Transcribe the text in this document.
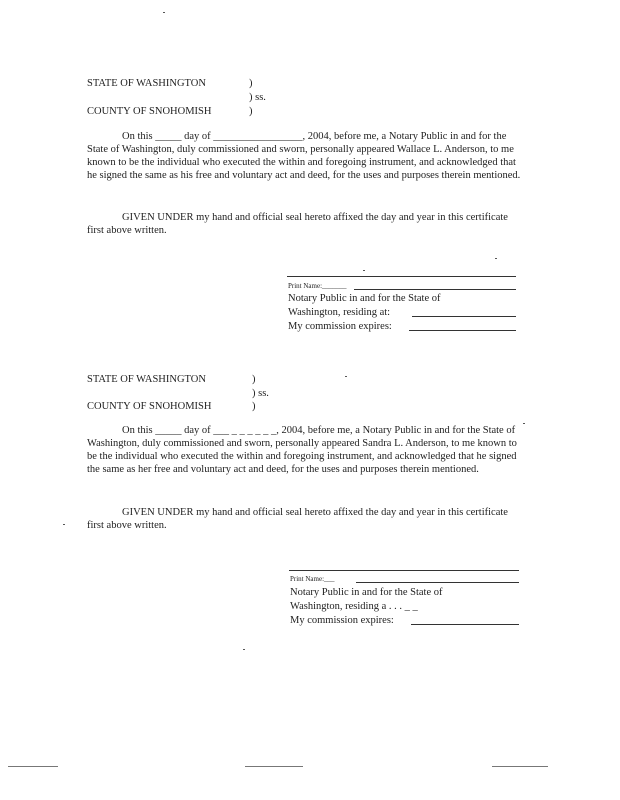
STATE OF WASHINGTON	)
) ss.
COUNTY OF SNOHOMISH	)
On this _____ day of _________________, 2004, before me, a Notary Public in and for the State of Washington, duly commissioned and sworn, personally appeared Wallace L. Anderson, to me known to be the individual who executed the within and foregoing instrument, and acknowledged that he signed the same as his free and voluntary act and deed, for the uses and purposes therein mentioned.
GIVEN UNDER my hand and official seal hereto affixed the day and year in this certificate first above written.
Print Name:_______
Notary Public in and for the State of
Washington, residing at:
My commission expires:
STATE OF WASHINGTON	)
) ss.
COUNTY OF SNOHOMISH	)
On this _____ day of ___ _ _ _ _ _ _, 2004, before me, a Notary Public in and for the State of Washington, duly commissioned and sworn, personally appeared Sandra L. Anderson, to me known to be the individual who executed the within and foregoing instrument, and acknowledged that he signed the same as her free and voluntary act and deed, for the uses and purposes therein mentioned.
GIVEN UNDER my hand and official seal hereto affixed the day and year in this certificate first above written.
Print Name:___
Notary Public in and for the State of
Washington, residing a . . . _ _
My commission expires:
